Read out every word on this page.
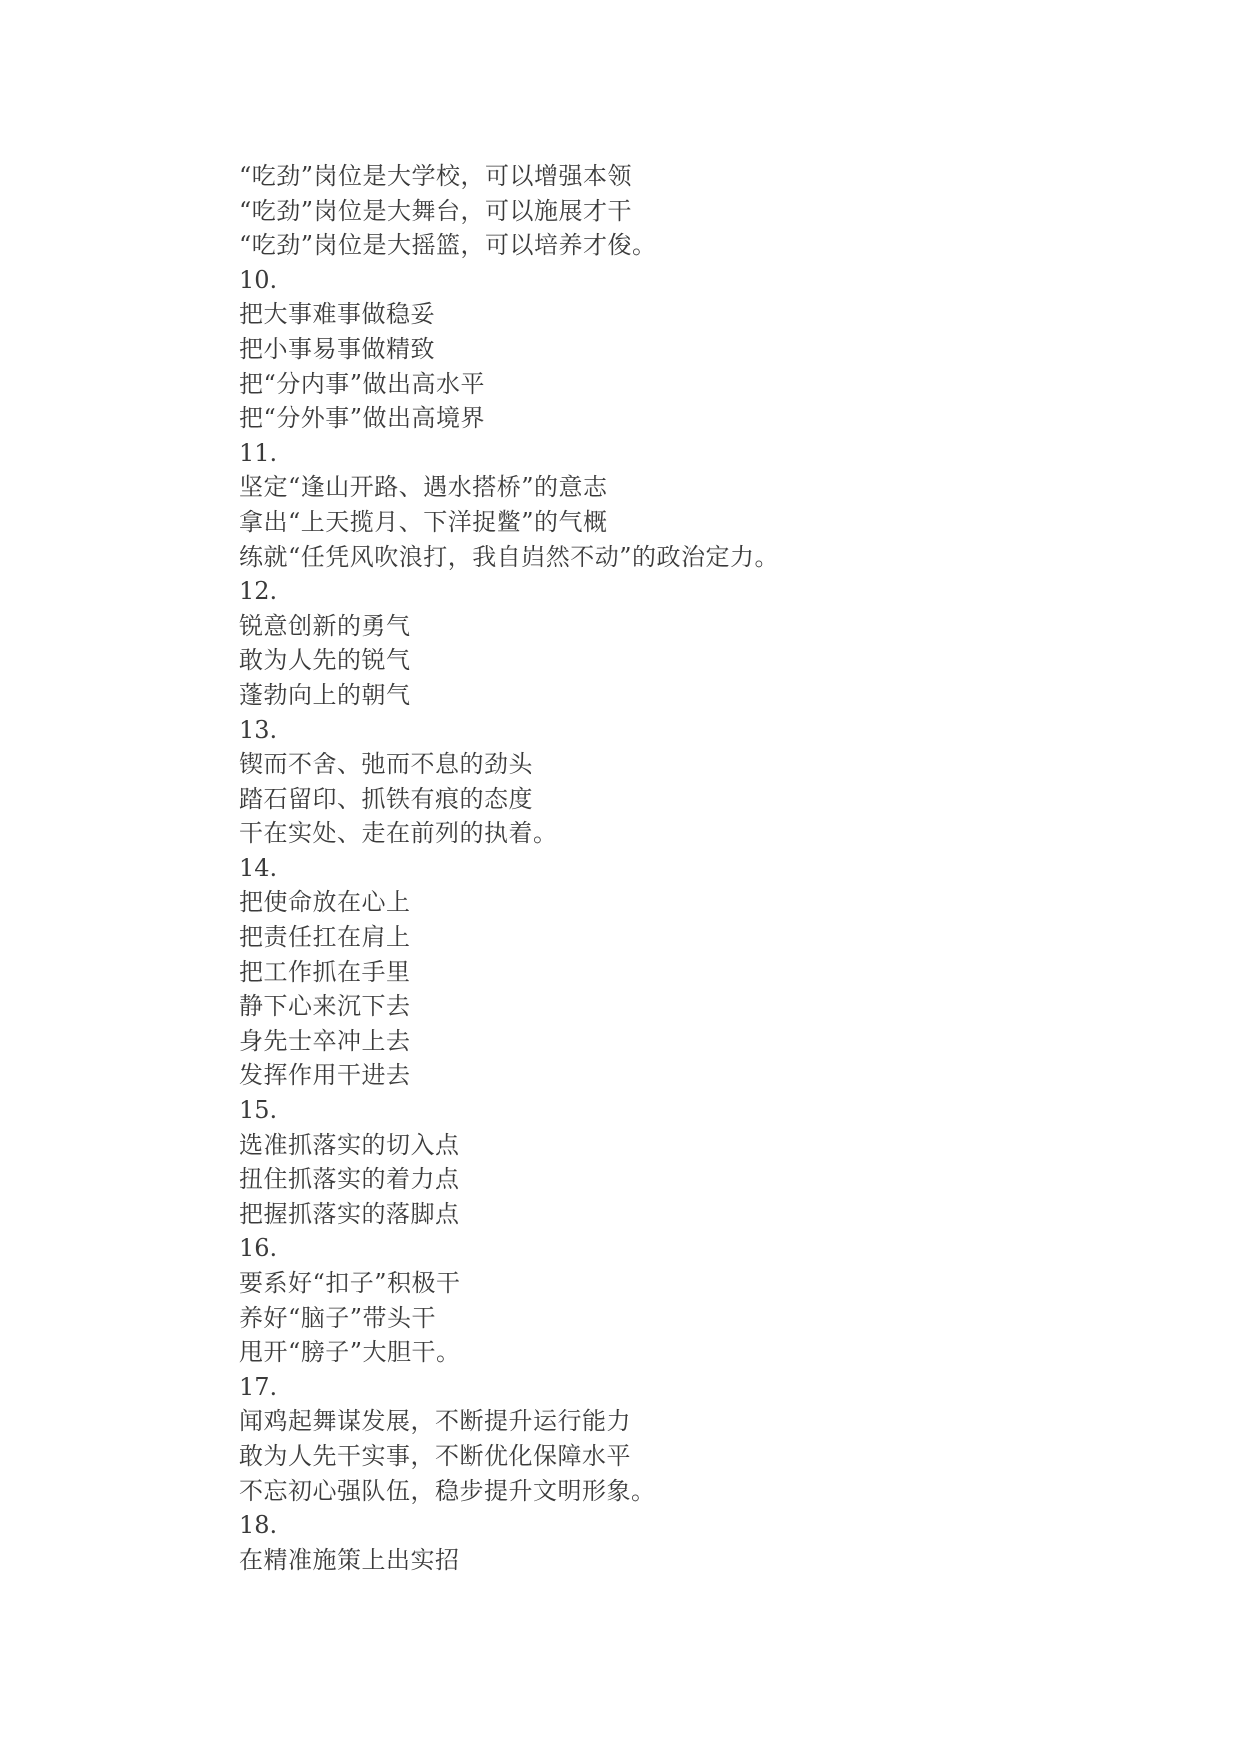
“吃劲”岗位是大学校，可以增强本领
“吃劲”岗位是大舞台，可以施展才干
“吃劲”岗位是大摇篮，可以培养才俊。
10.
把大事难事做稳妥
把小事易事做精致
把“分内事”做出高水平
把“分外事”做出高境界
11.
坚定“逢山开路、遇水搭桥”的意志
拿出“上天揽月、下洋捉鳖”的气概
练就“任凭风吹浪打，我自岿然不动”的政治定力。
12.
锐意创新的勇气
敢为人先的锐气
蓬勃向上的朝气
13.
锲而不舍、弛而不息的劲头
踏石留印、抓铁有痕的态度
干在实处、走在前列的执着。
14.
把使命放在心上
把责任扛在肩上
把工作抓在手里
静下心来沉下去
身先士卒冲上去
发挥作用干进去
15.
选准抓落实的切入点
扭住抓落实的着力点
把握抓落实的落脚点
16.
要系好“扣子”积极干
养好“脑子”带头干
甩开“膀子”大胆干。
17.
闻鸡起舞谋发展，不断提升运行能力
敢为人先干实事，不断优化保障水平
不忘初心强队伍，稳步提升文明形象。
18.
在精准施策上出实招
